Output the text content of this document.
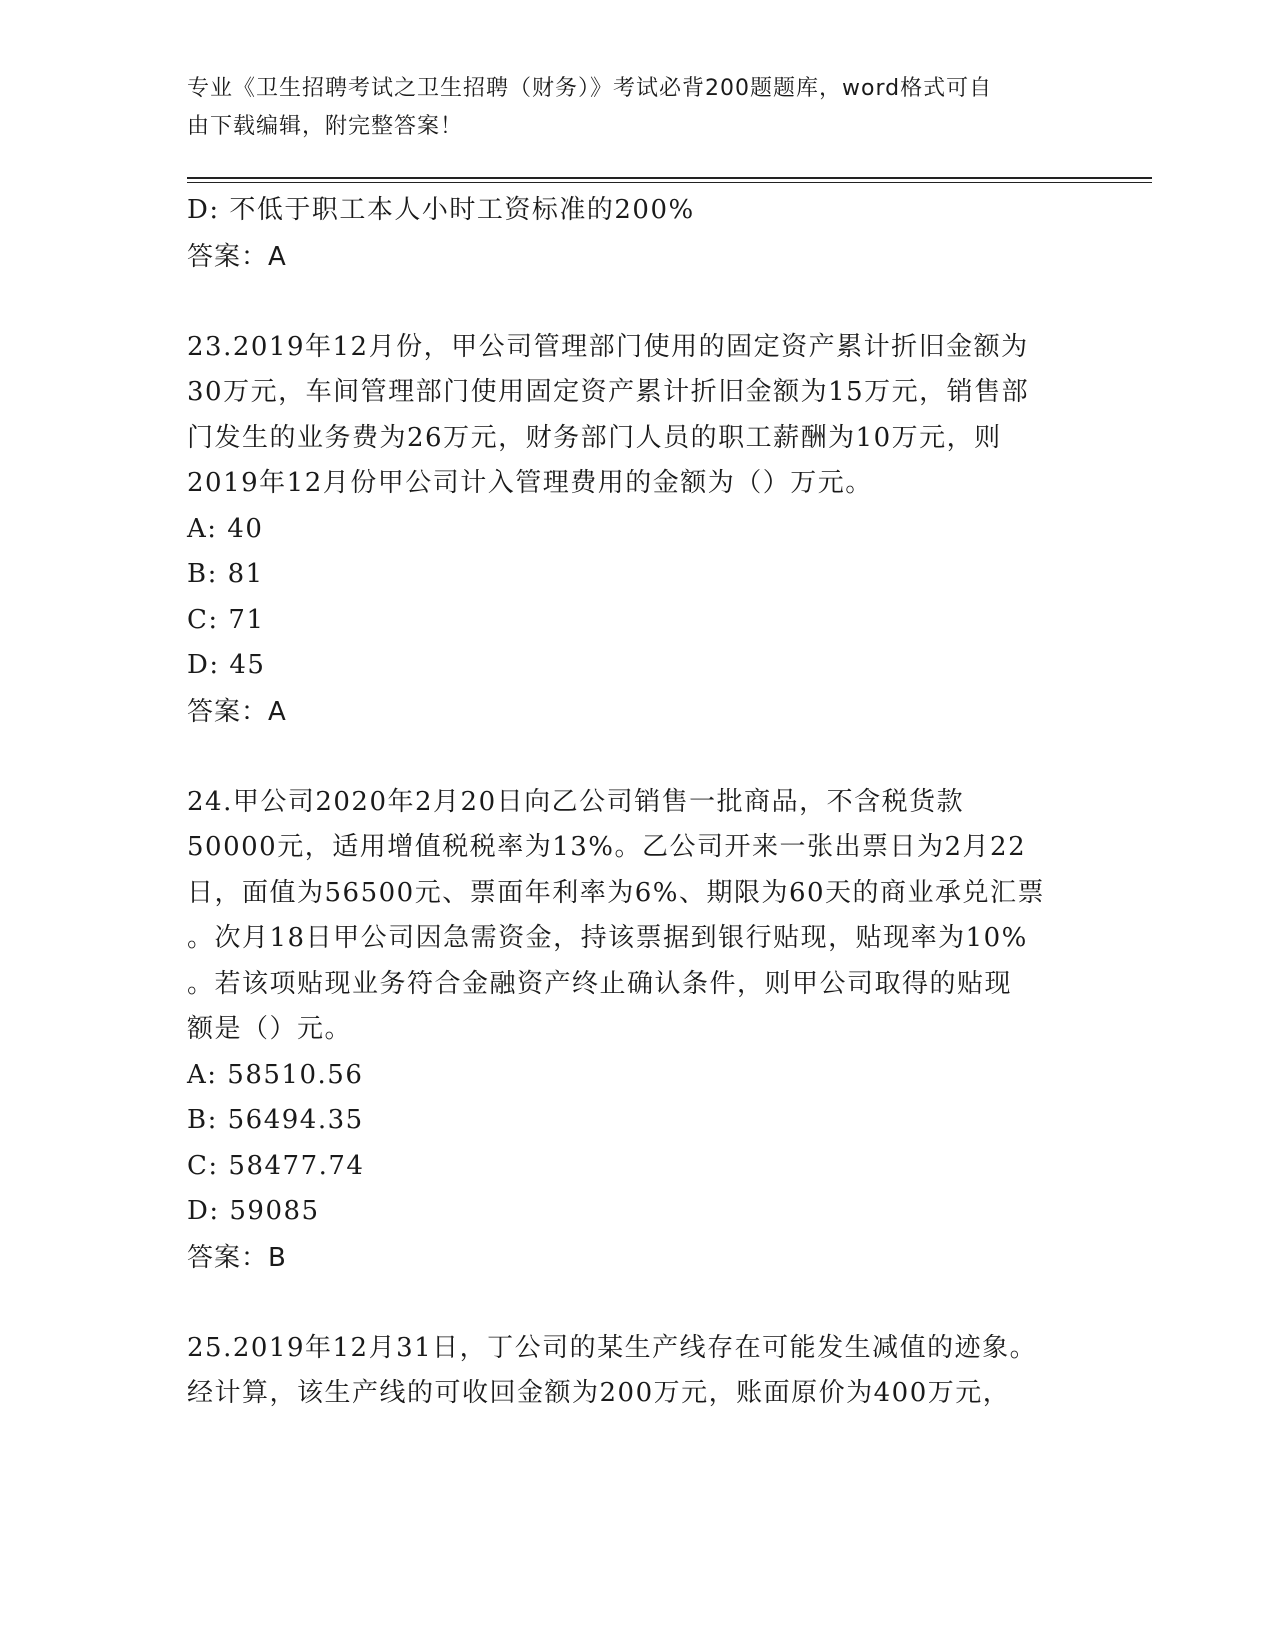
专业《卫生招聘考试之卫生招聘（财务）》考试必背200题题库，word格式可自
由下载编辑，附完整答案！
D: 不低于职工本人小时工资标准的200%
答案：A
23.2019年12月份，甲公司管理部门使用的固定资产累计折旧金额为
30万元，车间管理部门使用固定资产累计折旧金额为15万元，销售部
门发生的业务费为26万元，财务部门人员的职工薪酬为10万元，则
2019年12月份甲公司计入管理费用的金额为（）万元。
A: 40
B: 81
C: 71
D: 45
答案：A
24.甲公司2020年2月20日向乙公司销售一批商品，不含税货款
50000元，适用增值税税率为13%。乙公司开来一张出票日为2月22
日，面值为56500元、票面年利率为6%、期限为60天的商业承兑汇票
。次月18日甲公司因急需资金，持该票据到银行贴现，贴现率为10%
。若该项贴现业务符合金融资产终止确认条件，则甲公司取得的贴现
额是（）元。
A: 58510.56
B: 56494.35
C: 58477.74
D: 59085
答案：B
25.2019年12月31日，丁公司的某生产线存在可能发生减值的迹象。
经计算，该生产线的可收回金额为200万元，账面原价为400万元，
